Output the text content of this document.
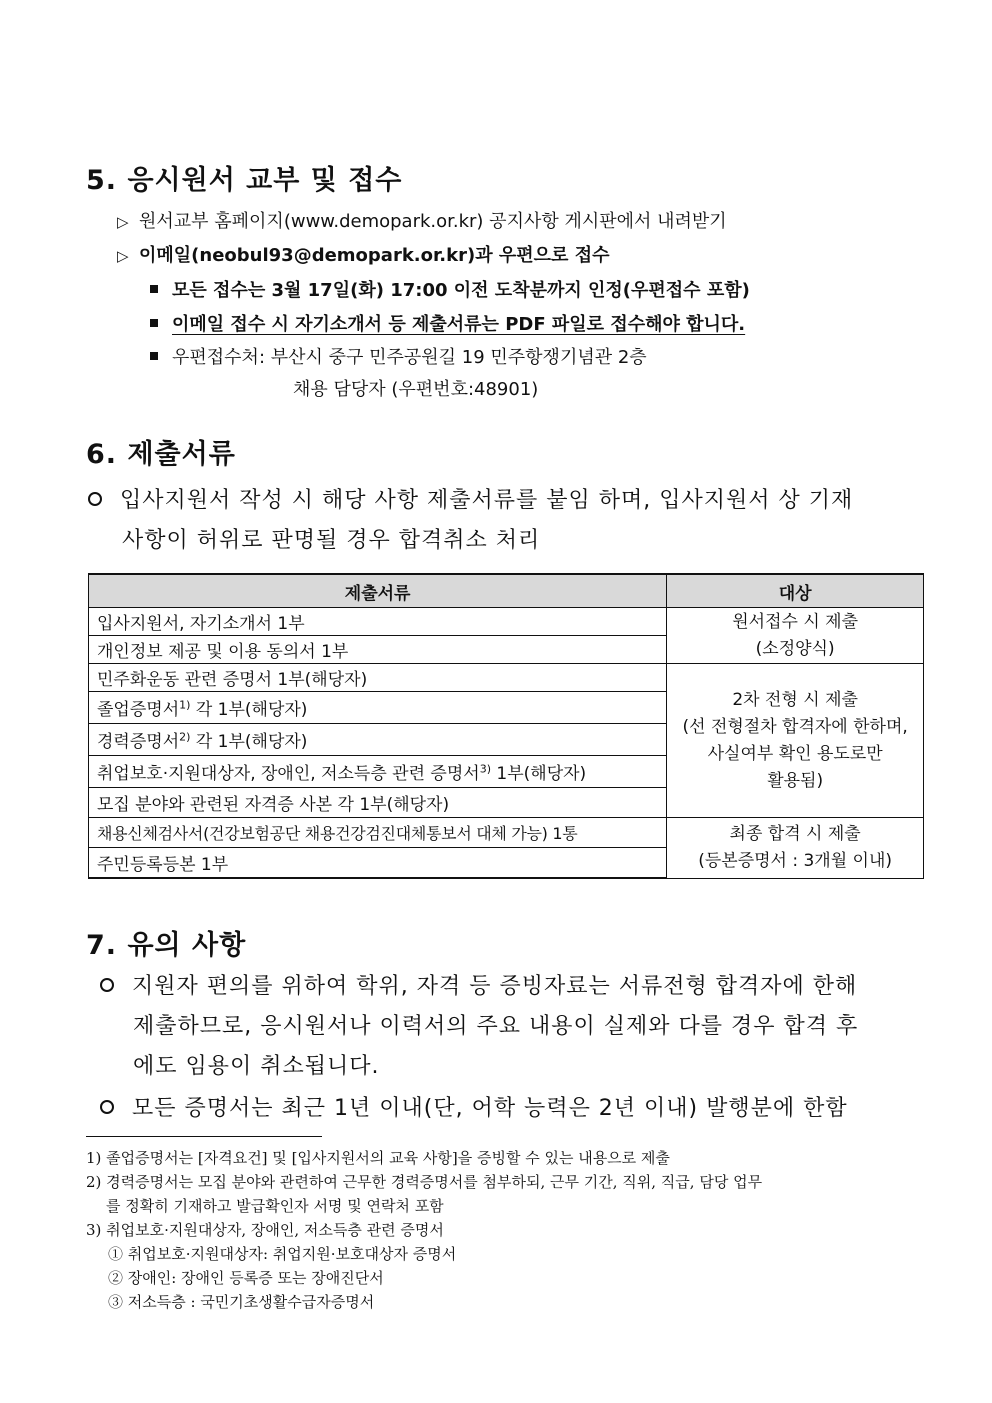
5. 응시원서 교부 및 접수
▷ 원서교부 홈페이지(www.demopark.or.kr) 공지사항 게시판에서 내려받기
▷ 이메일(neobul93@demopark.or.kr)과 우편으로 접수
모든 접수는 3월 17일(화) 17:00 이전 도착분까지 인정(우편접수 포함)
이메일 접수 시 자기소개서 등 제출서류는 PDF 파일로 접수해야 합니다.
우편접수처: 부산시 중구 민주공원길 19 민주항쟁기념관 2층
채용 담당자 (우편번호:48901)
6. 제출서류
입사지원서 작성 시 해당 사항 제출서류를 붙임 하며, 입사지원서 상 기재
사항이 허위로 판명될 경우 합격취소 처리
제출서류	대상
입사지원서, 자기소개서 1부	원서접수 시 제출
(소정양식)

개인정보 제공 및 이용 동의서 1부	
민주화운동 관련 증명서 1부(해당자)	2차 전형 시 제출
(선 전형절차 합격자에 한하며,
사실여부 확인 용도로만
활용됨)

졸업증명서$^{1)}$ 각 1부(해당자)	
경력증명서$^{2)}$ 각 1부(해당자)	
취업보호·지원대상자, 장애인, 저소득층 관련 증명서$^{3)}$ 1부(해당자)	
모집 분야와 관련된 자격증 사본 각 1부(해당자)	
채용신체검사서(건강보험공단 채용건강검진대체통보서 대체 가능) 1통	최종 합격 시 제출
(등본증명서 : 3개월 이내)

주민등록등본 1부	
7. 유의 사항
지원자 편의를 위하여 학위, 자격 등 증빙자료는 서류전형 합격자에 한해
제출하므로, 응시원서나 이력서의 주요 내용이 실제와 다를 경우 합격 후
에도 임용이 취소됩니다.
모든 증명서는 최근 1년 이내(단, 어학 능력은 2년 이내) 발행분에 한함
1) 졸업증명서는 [자격요건] 및 [입사지원서의 교육 사항]을 증빙할 수 있는 내용으로 제출
2) 경력증명서는 모집 분야와 관련하여 근무한 경력증명서를 첨부하되, 근무 기간, 직위, 직급, 담당 업무
를 정확히 기재하고 발급확인자 서명 및 연락처 포함
3) 취업보호·지원대상자, 장애인, 저소득층 관련 증명서
① 취업보호·지원대상자: 취업지원·보호대상자 증명서
② 장애인: 장애인 등록증 또는 장애진단서
③ 저소득층 : 국민기초생활수급자증명서
